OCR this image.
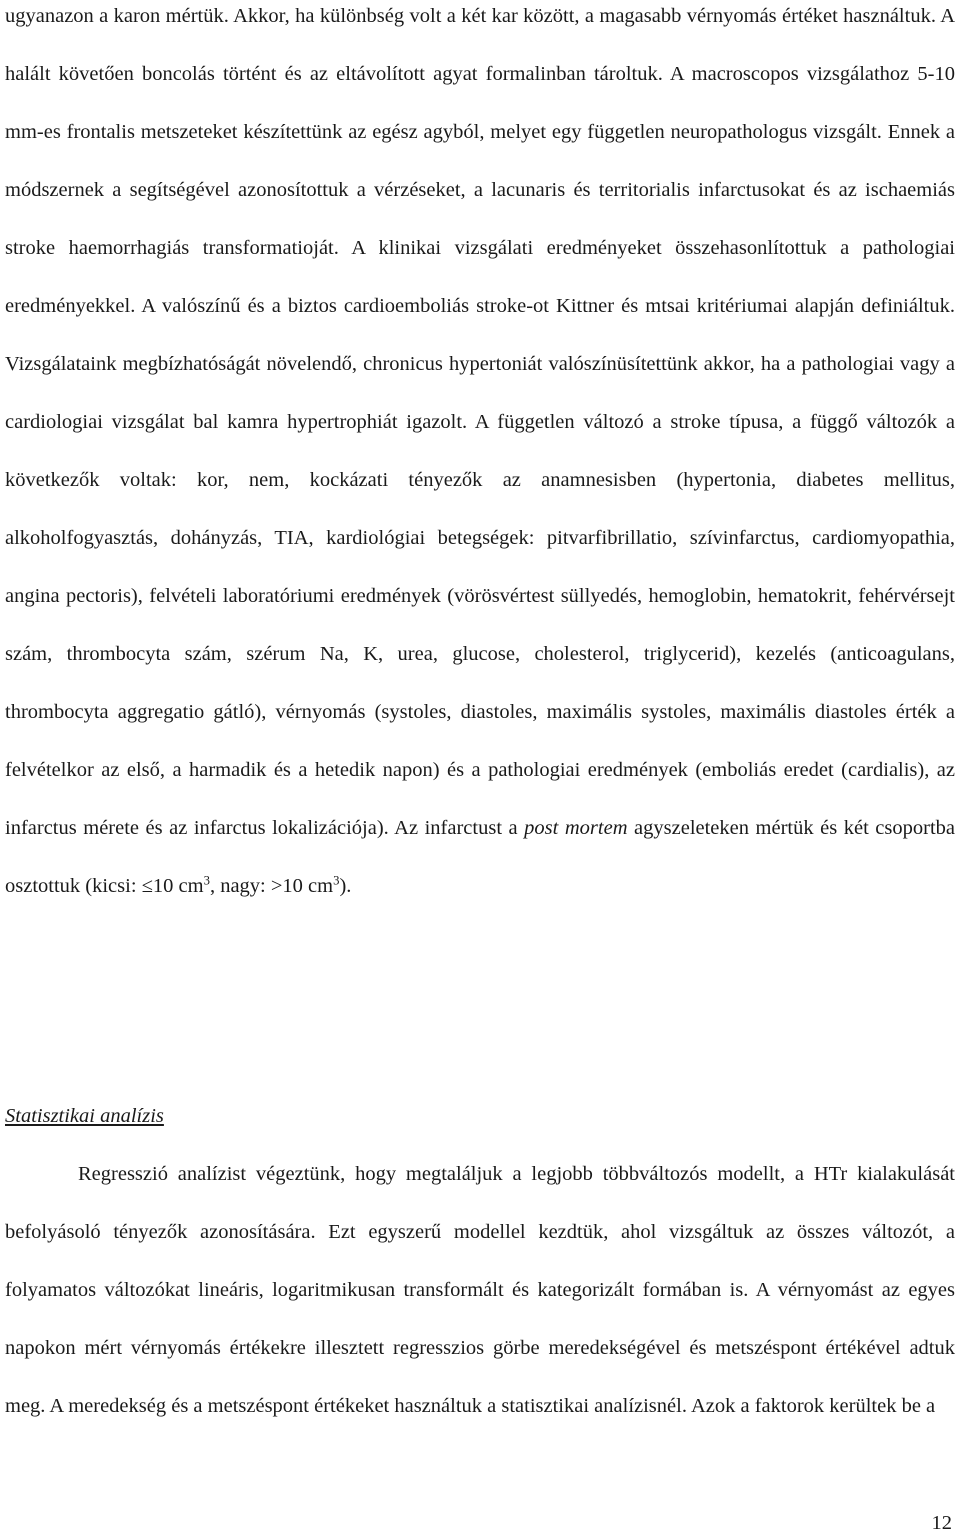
ugyanazon a karon mértük. Akkor, ha különbség volt a két kar között, a magasabb vérnyomás értéket használtuk. A halált követően boncolás történt és az eltávolított agyat formalinban tároltuk. A macroscopos vizsgálathoz 5-10 mm-es frontalis metszeteket készítettünk az egész agyból, melyet egy független neuropathologus vizsgált. Ennek a módszernek a segítségével azonosítottuk a vérzéseket, a lacunaris és territorialis infarctusokat és az ischaemiás stroke haemorrhagiás transformatioját. A klinikai vizsgálati eredményeket összehasonlítottuk a pathologiai eredményekkel. A valószínű és a biztos cardioemboliás stroke-ot Kittner és mtsai kritériumai alapján definiáltuk. Vizsgálataink megbízhatóságát növelendő, chronicus hypertoniát valószínüsítettünk akkor, ha a pathologiai vagy a cardiologiai vizsgálat bal kamra hypertrophiát igazolt. A független változó a stroke típusa, a függő változók a következők voltak: kor, nem, kockázati tényezők az anamnesisben (hypertonia, diabetes mellitus, alkoholfogyasztás, dohányzás, TIA, kardiológiai betegségek: pitvarfibrillatio, szívinfarctus, cardiomyopathia, angina pectoris), felvételi laboratóriumi eredmények (vörösvértest süllyedés, hemoglobin, hematokrit, fehérvérsejt szám, thrombocyta szám, szérum Na, K, urea, glucose, cholesterol, triglycerid), kezelés (anticoagulans, thrombocyta aggregatio gátló), vérnyomás (systoles, diastoles, maximális systoles, maximális diastoles érték a felvételkor az első, a harmadik és a hetedik napon) és a pathologiai eredmények (emboliás eredet (cardialis), az infarctus mérete és az infarctus lokalizációja). Az infarctust a post mortem agyszeleteken mértük és két csoportba osztottuk (kicsi: ≤10 $cm^3$, nagy: >10 $cm^3$).

Statisztikai analízis

Regresszió analízist végeztünk, hogy megtaláljuk a legjobb többváltozós modellt, a HTr kialakulását befolyásoló tényezők azonosítására. Ezt egyszerű modellel kezdtük, ahol vizsgáltuk az összes változót, a folyamatos változókat lineáris, logaritmikusan transformált és kategorizált formában is. A vérnyomást az egyes napokon mért vérnyomás értékekre illesztett regresszios görbe meredekségével és metszéspont értékével adtuk meg. A meredekség és a metszéspont értékeket használtuk a statisztikai analízisnél. Azok a faktorok kerültek be a

12
